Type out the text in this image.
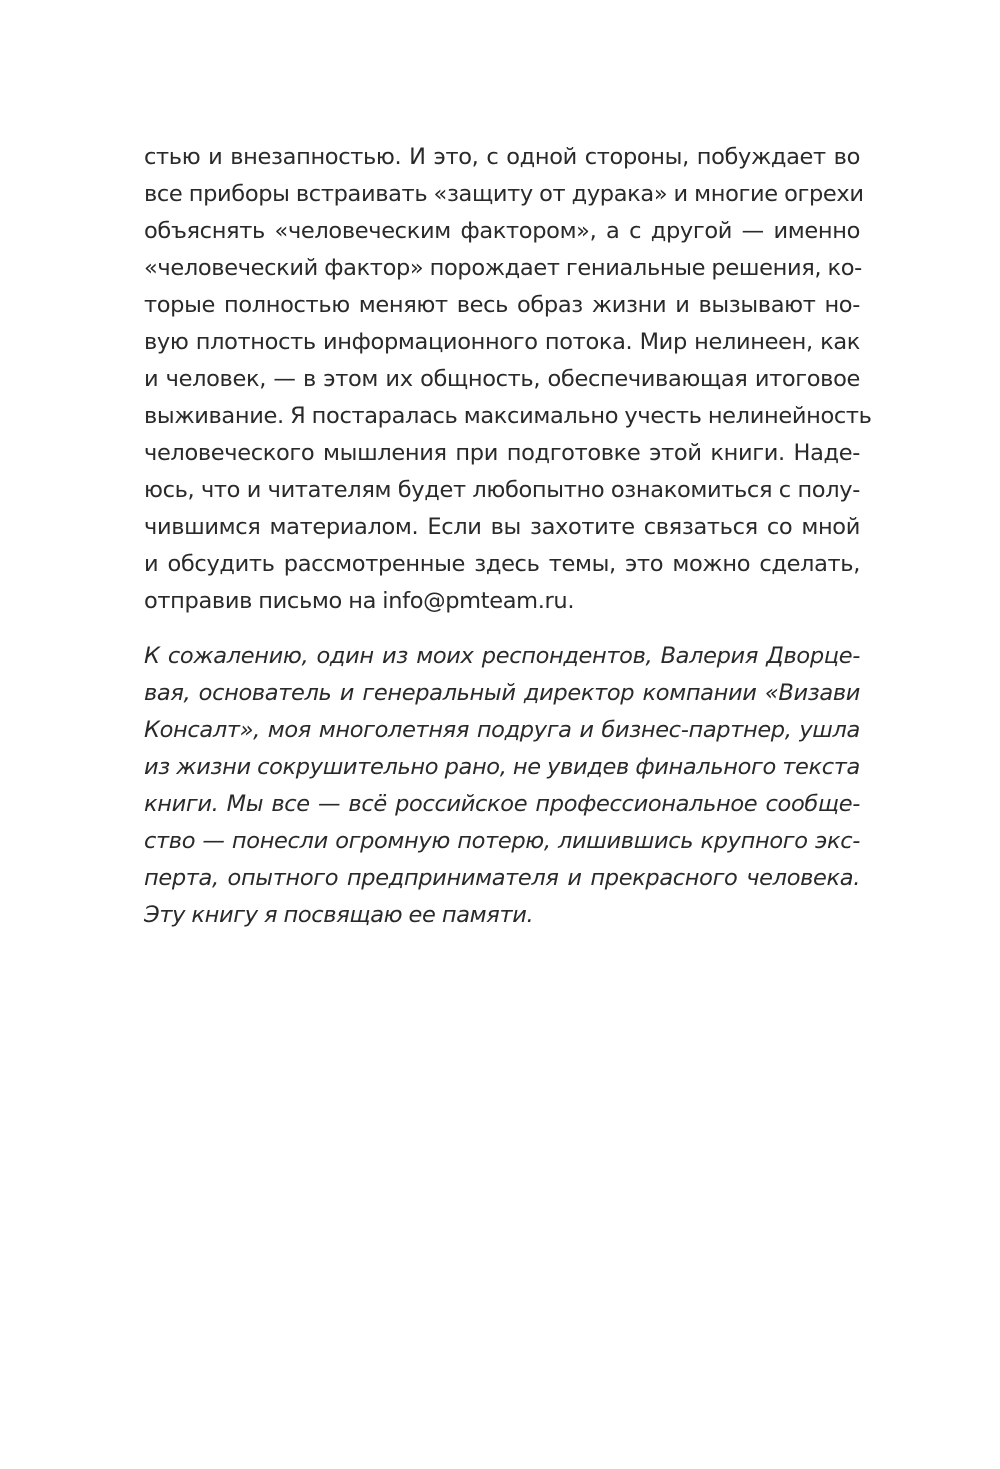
стью и внезапностью. И это, с одной стороны, побуждает во
все приборы встраивать «защиту от дурака» и многие огрехи
объяснять «человеческим фактором», а с другой — именно
«человеческий фактор» порождает гениальные решения, ко-
торые полностью меняют весь образ жизни и вызывают но-
вую плотность информационного потока. Мир нелинеен, как
и человек, — в этом их общность, обеспечивающая итоговое
выживание. Я постаралась максимально учесть нелинейность
человеческого мышления при подготовке этой книги. Наде-
юсь, что и читателям будет любопытно ознакомиться с полу-
чившимся материалом. Если вы захотите связаться со мной
и обсудить рассмотренные здесь темы, это можно сделать,
отправив письмо на info@pmteam.ru.
К сожалению, один из моих респондентов, Валерия Дворце-
вая, основатель и генеральный директор компании «Визави
Консалт», моя многолетняя подруга и бизнес-партнер, ушла
из жизни сокрушительно рано, не увидев финального текста
книги. Мы все — всё российское профессиональное сообще-
ство — понесли огромную потерю, лишившись крупного экс-
перта, опытного предпринимателя и прекрасного человека.
Эту книгу я посвящаю ее памяти.
